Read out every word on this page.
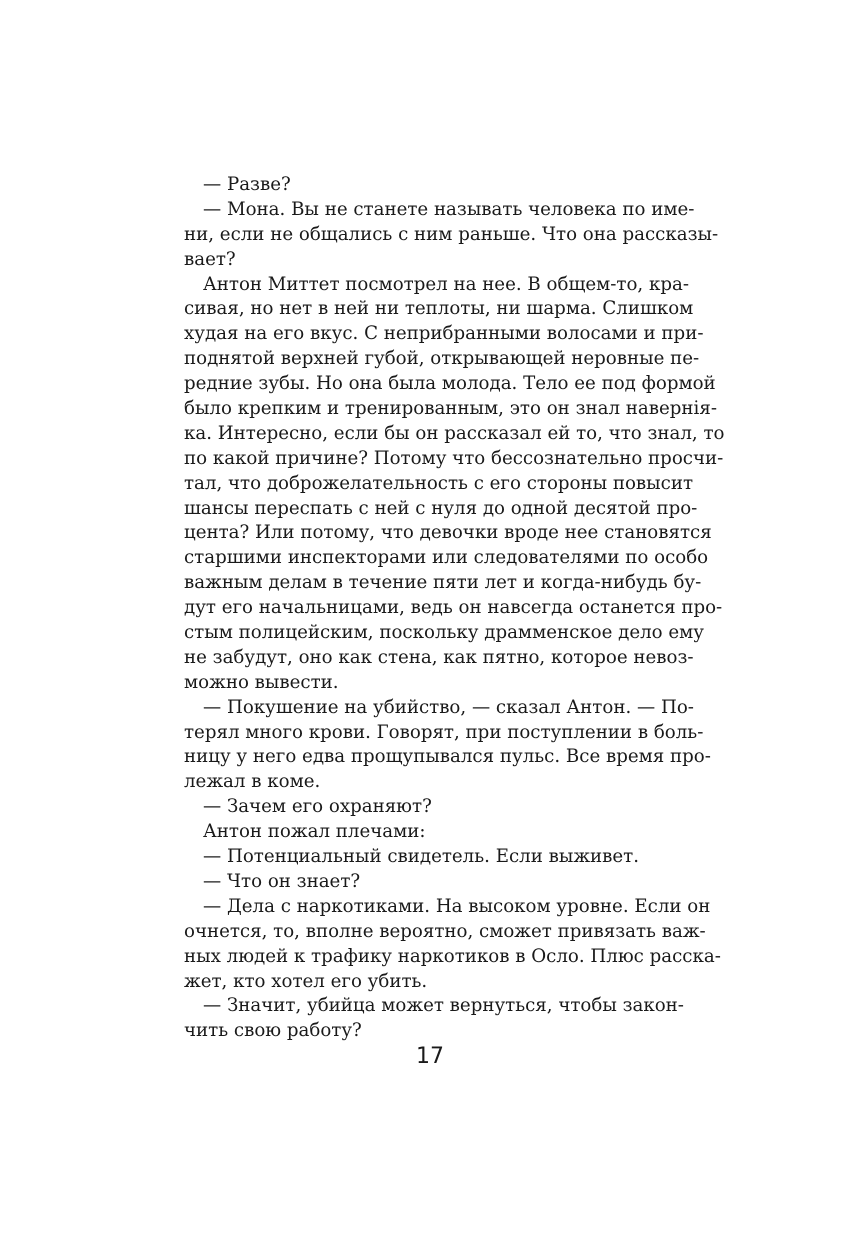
— Разве?
— Мона. Вы не станете называть человека по име-
ни, если не общались с ним раньше. Что она рассказы-
вает?
Антон Миттет посмотрел на нее. В общем-то, кра-
сивая, но нет в ней ни теплоты, ни шарма. Слишком
худая на его вкус. С неприбранными волосами и при-
поднятой верхней губой, открывающей неровные пе-
редние зубы. Но она была молода. Тело ее под формой
было крепким и тренированным, это он знал навернія-
ка. Интересно, если бы он рассказал ей то, что знал, то
по какой причине? Потому что бессознательно просчи-
тал, что доброжелательность с его стороны повысит
шансы переспать с ней с нуля до одной десятой про-
цента? Или потому, что девочки вроде нее становятся
старшими инспекторами или следователями по особо
важным делам в течение пяти лет и когда-нибудь бу-
дут его начальницами, ведь он навсегда останется про-
стым полицейским, поскольку драмменское дело ему
не забудут, оно как стена, как пятно, которое невоз-
можно вывести.
— Покушение на убийство, — сказал Антон. — По-
терял много крови. Говорят, при поступлении в боль-
ницу у него едва прощупывался пульс. Все время про-
лежал в коме.
— Зачем его охраняют?
Антон пожал плечами:
— Потенциальный свидетель. Если выживет.
— Что он знает?
— Дела с наркотиками. На высоком уровне. Если он
очнется, то, вполне вероятно, сможет привязать важ-
ных людей к трафику наркотиков в Осло. Плюс расска-
жет, кто хотел его убить.
— Значит, убийца может вернуться, чтобы закон-
чить свою работу?
17
